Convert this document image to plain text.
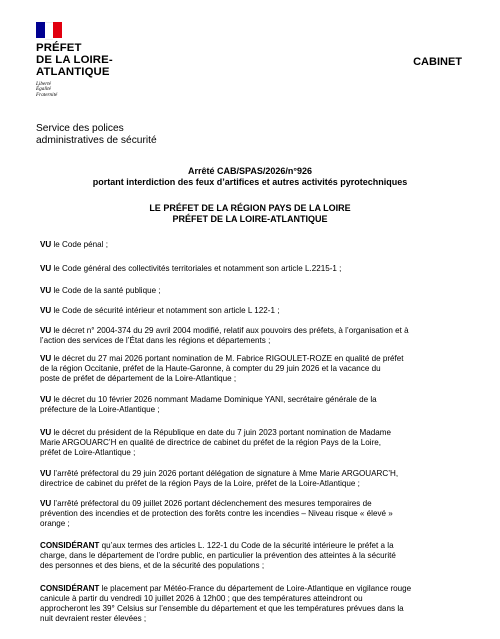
PRÉFET
DE LA LOIRE-
ATLANTIQUE
Liberté
Égalité
Fraternité
CABINET
Service des polices
administratives de sécurité
Arrêté CAB/SPAS/2026/n°926
portant interdiction des feux d’artifices et autres activités pyrotechniques
LE PRÉFET DE LA RÉGION PAYS DE LA LOIRE
PRÉFET DE LA LOIRE-ATLANTIQUE
VU le Code pénal ;
VU le Code général des collectivités territoriales et notamment son article L.2215-1 ;
VU le Code de la santé publique ;
VU le Code de sécurité intérieur et notamment son article L 122-1 ;
VU le décret n° 2004-374 du 29 avril 2004 modifié, relatif aux pouvoirs des préfets, à l’organisation et à
l’action des services de l’État dans les régions et départements ;
VU le décret du 27 mai 2026 portant nomination de M. Fabrice RIGOULET-ROZE en qualité de préfet
de la région Occitanie, préfet de la Haute-Garonne, à compter du 29 juin 2026 et la vacance du
poste de préfet de département de la Loire-Atlantique ;
VU le décret du 10 février 2026 nommant Madame Dominique YANI, secrétaire générale de la
préfecture de la Loire-Atlantique ;
VU le décret du président de la République en date du 7 juin 2023 portant nomination de Madame
Marie ARGOUARC’H en qualité de directrice de cabinet du préfet de la région Pays de la Loire,
préfet de Loire-Atlantique ;
VU l’arrêté préfectoral du 29 juin 2026 portant délégation de signature à Mme Marie ARGOUARC’H,
directrice de cabinet du préfet de la région Pays de la Loire, préfet de la Loire-Atlantique ;
VU l’arrêté préfectoral du 09 juillet 2026 portant déclenchement des mesures temporaires de
prévention des incendies et de protection des forêts contre les incendies – Niveau risque « élevé »
orange ;
CONSIDÉRANT qu’aux termes des articles L. 122-1 du Code de la sécurité intérieure le préfet a la
charge, dans le département de l’ordre public, en particulier la prévention des atteintes à la sécurité
des personnes et des biens, et de la sécurité des populations ;
CONSIDÉRANT le placement par Météo-France du département de Loire-Atlantique en vigilance rouge
canicule à partir du vendredi 10 juillet 2026 à 12h00 ; que des températures atteindront ou
approcheront les 39° Celsius sur l’ensemble du département et que les températures prévues dans la
nuit devraient rester élevées ;
